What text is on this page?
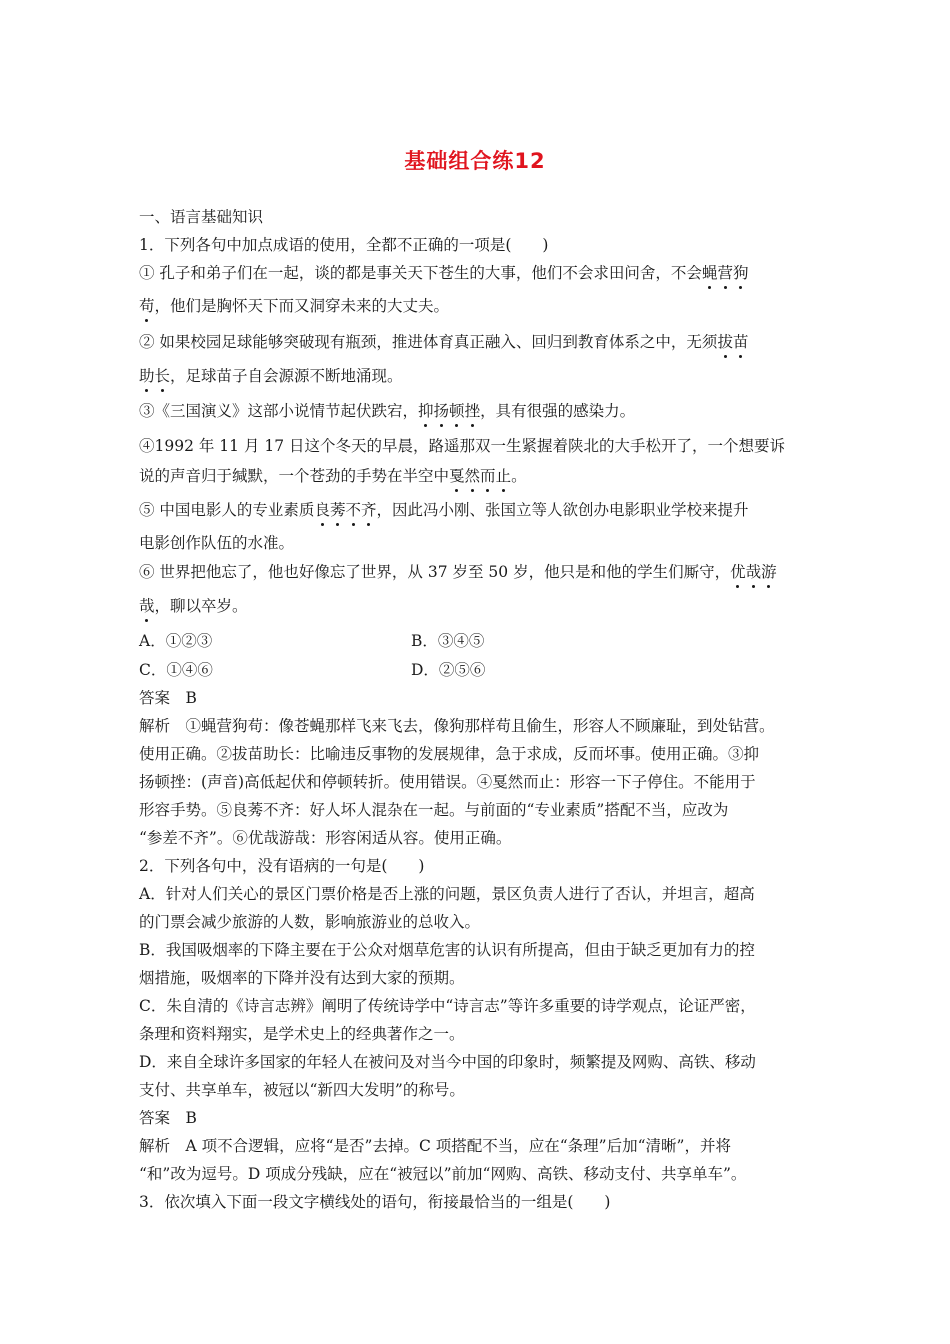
基础组合练12
一、语言基础知识
1．下列各句中加点成语的使用，全都不正确的一项是(　　)
① 孔子和弟子们在一起，谈的都是事关天下苍生的大事，他们不会求田问舍，不会蝇营狗
苟，他们是胸怀天下而又洞穿未来的大丈夫。
② 如果校园足球能够突破现有瓶颈，推进体育真正融入、回归到教育体系之中，无须拔苗
助长，足球苗子自会源源不断地涌现。
③《三国演义》这部小说情节起伏跌宕，抑扬顿挫，具有很强的感染力。
④1992 年 11 月 17 日这个冬天的早晨，路遥那双一生紧握着陕北的大手松开了，一个想要诉
说的声音归于缄默，一个苍劲的手势在半空中戛然而止。
⑤ 中国电影人的专业素质良莠不齐，因此冯小刚、张国立等人欲创办电影职业学校来提升
电影创作队伍的水准。
⑥ 世界把他忘了，他也好像忘了世界，从 37 岁至 50 岁，他只是和他的学生们厮守，优哉游
哉，聊以卒岁。
A．①②③	B．③④⑤
C．①④⑥	D．②⑤⑥
答案　B
解析　①蝇营狗苟：像苍蝇那样飞来飞去，像狗那样苟且偷生，形容人不顾廉耻，到处钻营。
使用正确。②拔苗助长：比喻违反事物的发展规律，急于求成，反而坏事。使用正确。③抑
扬顿挫：(声音)高低起伏和停顿转折。使用错误。④戛然而止：形容一下子停住。不能用于
形容手势。⑤良莠不齐：好人坏人混杂在一起。与前面的“专业素质”搭配不当，应改为
“参差不齐”。⑥优哉游哉：形容闲适从容。使用正确。
2．下列各句中，没有语病的一句是(　　)
A．针对人们关心的景区门票价格是否上涨的问题，景区负责人进行了否认，并坦言，超高
的门票会减少旅游的人数，影响旅游业的总收入。
B．我国吸烟率的下降主要在于公众对烟草危害的认识有所提高，但由于缺乏更加有力的控
烟措施，吸烟率的下降并没有达到大家的预期。
C．朱自清的《诗言志辨》阐明了传统诗学中“诗言志”等许多重要的诗学观点，论证严密，
条理和资料翔实，是学术史上的经典著作之一。
D．来自全球许多国家的年轻人在被问及对当今中国的印象时，频繁提及网购、高铁、移动
支付、共享单车，被冠以“新四大发明”的称号。
答案　B
解析　A 项不合逻辑，应将“是否”去掉。C 项搭配不当，应在“条理”后加“清晰”，并将
“和”改为逗号。D 项成分残缺，应在“被冠以”前加“网购、高铁、移动支付、共享单车”。
3．依次填入下面一段文字横线处的语句，衔接最恰当的一组是(　　)
